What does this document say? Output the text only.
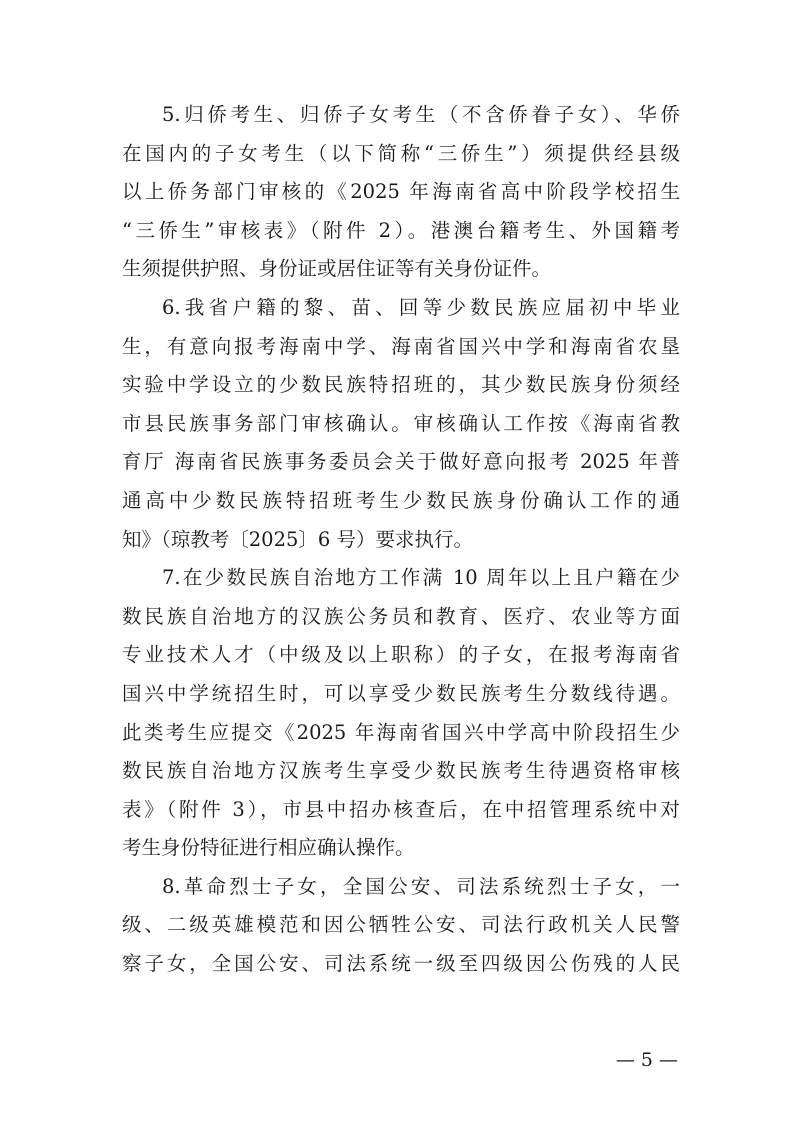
5.归侨考生、归侨子女考生（不含侨眷子女）、华侨
在国内的子女考生（以下简称“三侨生”）须提供经县级
以上侨务部门审核的《2025 年海南省高中阶段学校招生
“三侨生”审核表》（附件 2）。港澳台籍考生、外国籍考
生须提供护照、身份证或居住证等有关身份证件。
6.我省户籍的黎、苗、回等少数民族应届初中毕业
生，有意向报考海南中学、海南省国兴中学和海南省农垦
实验中学设立的少数民族特招班的，其少数民族身份须经
市县民族事务部门审核确认。审核确认工作按《海南省教
育厅 海南省民族事务委员会关于做好意向报考 2025 年普
通高中少数民族特招班考生少数民族身份确认工作的通
知》（琼教考〔2025〕6 号）要求执行。
7.在少数民族自治地方工作满 10 周年以上且户籍在少
数民族自治地方的汉族公务员和教育、医疗、农业等方面
专业技术人才（中级及以上职称）的子女，在报考海南省
国兴中学统招生时，可以享受少数民族考生分数线待遇。
此类考生应提交《2025 年海南省国兴中学高中阶段招生少
数民族自治地方汉族考生享受少数民族考生待遇资格审核
表》（附件 3），市县中招办核查后，在中招管理系统中对
考生身份特征进行相应确认操作。
8.革命烈士子女，全国公安、司法系统烈士子女，一
级、二级英雄模范和因公牺牲公安、司法行政机关人民警
察子女，全国公安、司法系统一级至四级因公伤残的人民
— 5 —
